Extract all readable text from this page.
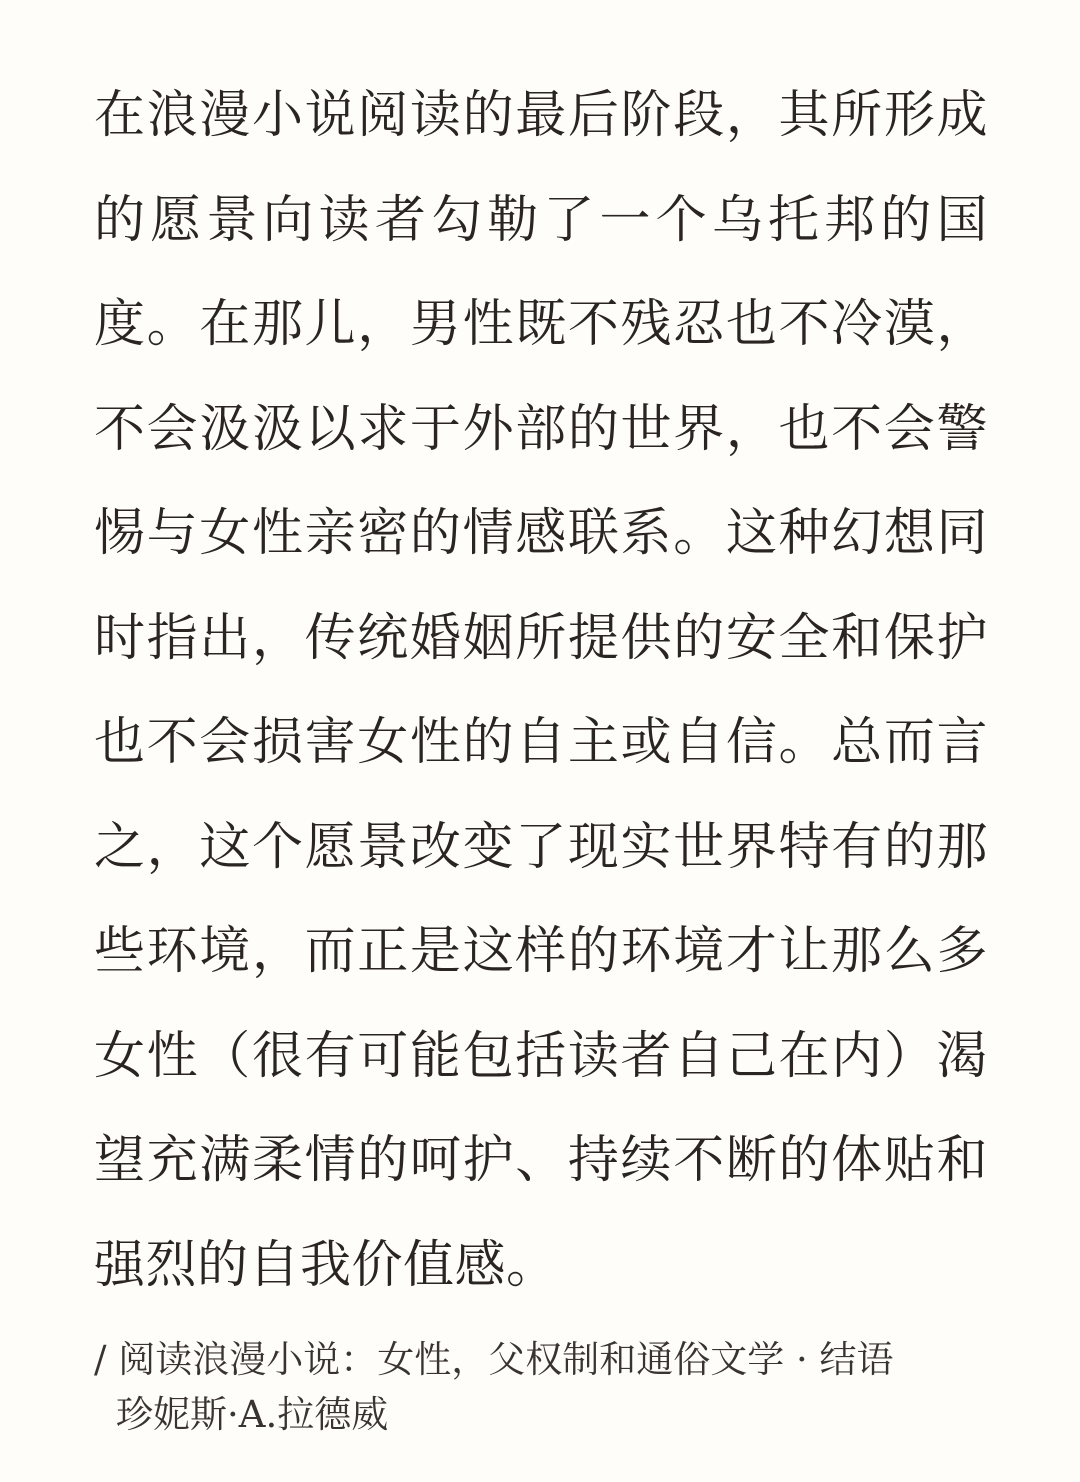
在浪漫小说阅读的最后阶段，其所形成的愿景向读者勾勒了一个乌托邦的国度。在那儿，男性既不残忍也不冷漠，不会汲汲以求于外部的世界，也不会警惕与女性亲密的情感联系。这种幻想同时指出，传统婚姻所提供的安全和保护也不会损害女性的自主或自信。总而言之，这个愿景改变了现实世界特有的那些环境，而正是这样的环境才让那么多女性（很有可能包括读者自己在内）渴望充满柔情的呵护、持续不断的体贴和强烈的自我价值感。

/ 阅读浪漫小说：女性，父权制和通俗文学 · 结语
珍妮斯·A.拉德威
